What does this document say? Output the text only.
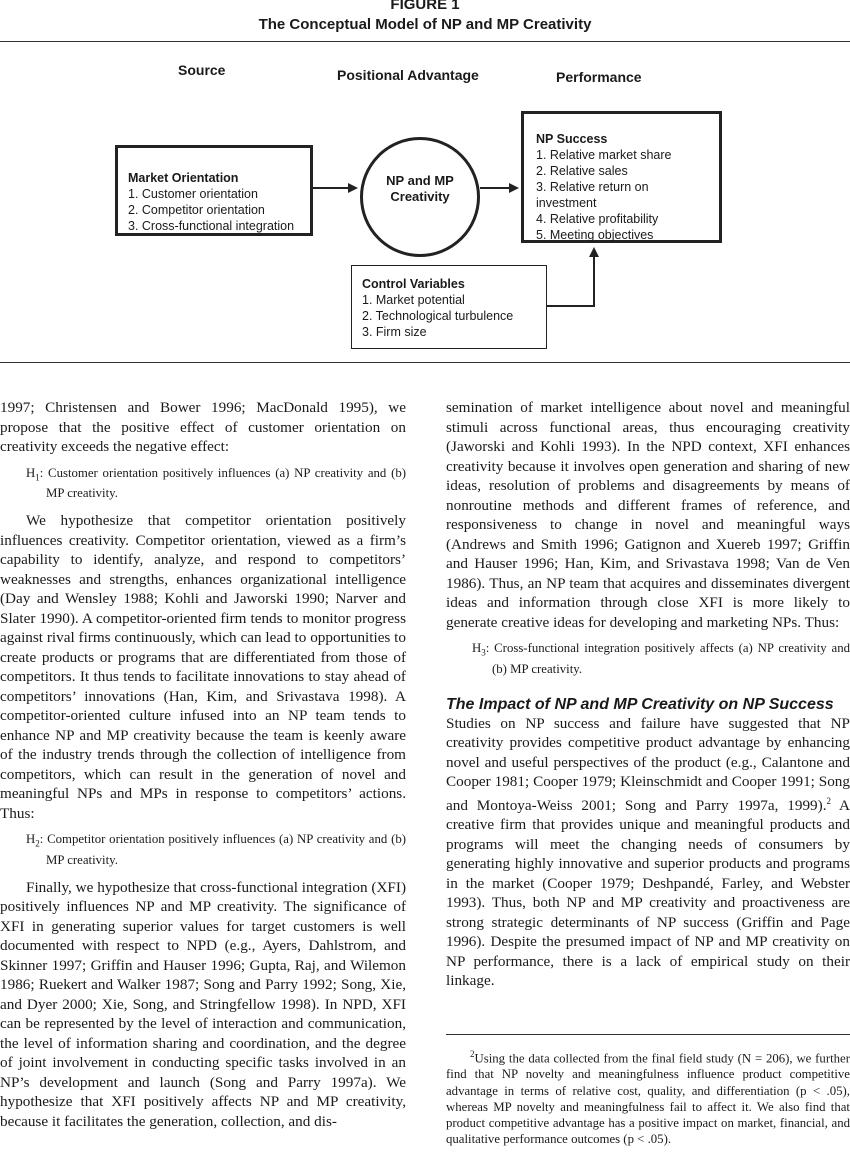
FIGURE 1
The Conceptual Model of NP and MP Creativity
Source	Positional Advantage	Performance
Market Orientation
1. Customer orientation
2. Competitor orientation
3. Cross-functional integration
NP and MP
Creativity
NP Success
1. Relative market share
2. Relative sales
3. Relative return on investment
4. Relative profitability
5. Meeting objectives
Control Variables
1. Market potential
2. Technological turbulence
3. Firm size

1997; Christensen and Bower 1996; MacDonald 1995), we propose that the positive effect of customer orientation on creativity exceeds the negative effect:

$H_1$: Customer orientation positively influences (a) NP creativity and (b) MP creativity.

We hypothesize that competitor orientation positively influences creativity. Competitor orientation, viewed as a firm’s capability to identify, analyze, and respond to competitors’ weaknesses and strengths, enhances organizational intelligence (Day and Wensley 1988; Kohli and Jaworski 1990; Narver and Slater 1990). A competitor-oriented firm tends to monitor progress against rival firms continuously, which can lead to opportunities to create products or programs that are differentiated from those of competitors. It thus tends to facilitate innovations to stay ahead of competitors’ innovations (Han, Kim, and Srivastava 1998). A competitor-oriented culture infused into an NP team tends to enhance NP and MP creativity because the team is keenly aware of the industry trends through the collection of intelligence from competitors, which can result in the generation of novel and meaningful NPs and MPs in response to competitors’ actions. Thus:

$H_2$: Competitor orientation positively influences (a) NP creativity and (b) MP creativity.

Finally, we hypothesize that cross-functional integration (XFI) positively influences NP and MP creativity. The significance of XFI in generating superior values for target customers is well documented with respect to NPD (e.g., Ayers, Dahlstrom, and Skinner 1997; Griffin and Hauser 1996; Gupta, Raj, and Wilemon 1986; Ruekert and Walker 1987; Song and Parry 1992; Song, Xie, and Dyer 2000; Xie, Song, and Stringfellow 1998). In NPD, XFI can be represented by the level of interaction and communication, the level of information sharing and coordination, and the degree of joint involvement in conducting specific tasks involved in an NP’s development and launch (Song and Parry 1997a). We hypothesize that XFI positively affects NP and MP creativity, because it facilitates the generation, collection, and dis-

semination of market intelligence about novel and meaningful stimuli across functional areas, thus encouraging creativity (Jaworski and Kohli 1993). In the NPD context, XFI enhances creativity because it involves open generation and sharing of new ideas, resolution of problems and disagreements by means of nonroutine methods and different frames of reference, and responsiveness to change in novel and meaningful ways (Andrews and Smith 1996; Gatignon and Xuereb 1997; Griffin and Hauser 1996; Han, Kim, and Srivastava 1998; Van de Ven 1986). Thus, an NP team that acquires and disseminates divergent ideas and information through close XFI is more likely to generate creative ideas for developing and marketing NPs. Thus:

$H_3$: Cross-functional integration positively affects (a) NP creativity and (b) MP creativity.

The Impact of NP and MP Creativity on NP Success

Studies on NP success and failure have suggested that NP creativity provides competitive product advantage by enhancing novel and useful perspectives of the product (e.g., Calantone and Cooper 1981; Cooper 1979; Kleinschmidt and Cooper 1991; Song and Montoya-Weiss 2001; Song and Parry 1997a, 1999).$^2$ A creative firm that provides unique and meaningful products and programs will meet the changing needs of consumers by generating highly innovative and superior products and programs in the market (Cooper 1979; Deshpandé, Farley, and Webster 1993). Thus, both NP and MP creativity and proactiveness are strong strategic determinants of NP success (Griffin and Page 1996). Despite the presumed impact of NP and MP creativity on NP performance, there is a lack of empirical study on their linkage.

$^2$Using the data collected from the final field study (N = 206), we further find that NP novelty and meaningfulness influence product competitive advantage in terms of relative cost, quality, and differentiation (p < .05), whereas MP novelty and meaningfulness fail to affect it. We also find that product competitive advantage has a positive impact on market, financial, and qualitative performance outcomes (p < .05).
